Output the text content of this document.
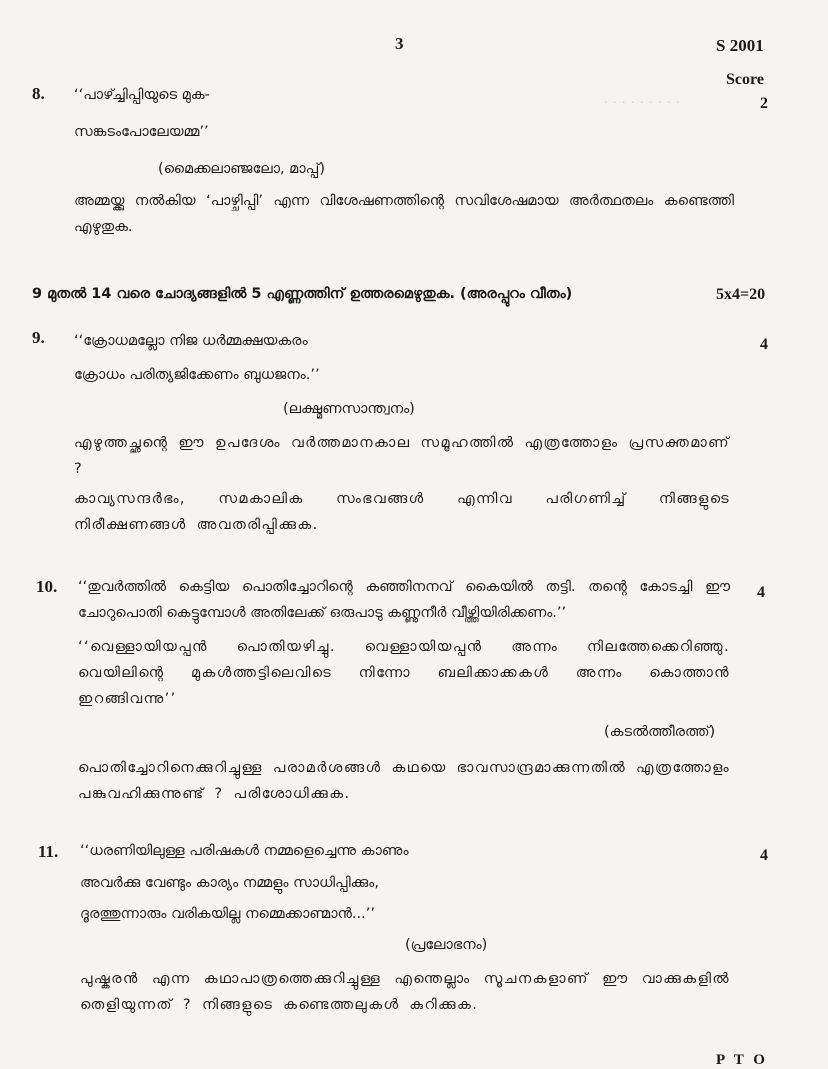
3	S 2001
Score
· · · · · · · · ·
8.
2
‘‘പാഴ്ച്ചിപ്പിയുടെ മുക-
സങ്കടംപോലേയമ്മ’’
(മൈക്കലാഞ്ജലോ, മാപ്പ്)
അമ്മയ്ക്കു നൽകിയ ‘പാഴ്ചിപ്പി’ എന്ന വിശേഷണത്തിന്റെ സവിശേഷമായ അർത്ഥതലം കണ്ടെത്തി എഴുതുക.
9 മുതൽ 14 വരെ ചോദ്യങ്ങളിൽ 5 എണ്ണത്തിന് ഉത്തരമെഴുതുക. (അരപ്പുറം വീതം)	5x4=20
9.	4
‘‘ക്രോധമല്ലോ നിജ ധർമ്മക്ഷയകരം
ക്രോധം പരിത്യജിക്കേണം ബുധജനം.’’
(ലക്ഷ്മണസാന്ത്വനം)
എഴുത്തച്ഛന്റെ ഈ ഉപദേശം വർത്തമാനകാല സമൂഹത്തിൽ എത്രത്തോളം പ്രസക്തമാണ് ?
കാവ്യസന്ദർഭം, സമകാലിക സംഭവങ്ങൾ എന്നിവ പരിഗണിച്ച് നിങ്ങളുടെ നിരീക്ഷണങ്ങൾ അവതരിപ്പിക്കുക.
10.	4
‘‘തുവർത്തിൽ കെട്ടിയ പൊതിച്ചോറിന്റെ കഞ്ഞിനനവ് കൈയിൽ തട്ടി. തന്റെ കോടച്ചി ഈ ചോറുപൊതി കെട്ടുമ്പോൾ അതിലേക്ക് ഒരുപാടു കണ്ണുനീർ വീഴ്ത്തിയിരിക്കണം.’’
‘‘വെള്ളായിയപ്പൻ പൊതിയഴിച്ചു. വെള്ളായിയപ്പൻ അന്നം നിലത്തേക്കെറിഞ്ഞു. വെയിലിന്റെ മുകൾത്തട്ടിലെവിടെ നിന്നോ ബലിക്കാക്കകൾ അന്നം കൊത്താൻ ഇറങ്ങിവന്നു’’
(കടൽത്തീരത്ത്)
പൊതിച്ചോറിനെക്കുറിച്ചുള്ള പരാമർശങ്ങൾ കഥയെ ഭാവസാന്ദ്രമാക്കുന്നതിൽ എത്രത്തോളം പങ്കുവഹിക്കുന്നുണ്ട് ? പരിശോധിക്കുക.
11.	4
‘‘ധരണിയിലുള്ള പരിഷകൾ നമ്മളെച്ചെന്നു കാണും
അവർക്കു വേണ്ടും കാര്യം നമ്മളും സാധിപ്പിക്കും,
ദൂരത്തുന്നാരും വരികയില്ല നമ്മെക്കാണ്മാൻ...’’
(പ്രലോഭനം)
പുഷ്കരൻ എന്ന കഥാപാത്രത്തെക്കുറിച്ചുള്ള എന്തെല്ലാം സൂചനകളാണ് ഈ വാക്കുകളിൽ തെളിയുന്നത് ? നിങ്ങളുടെ കണ്ടെത്തലുകൾ കുറിക്കുക.
P T O
